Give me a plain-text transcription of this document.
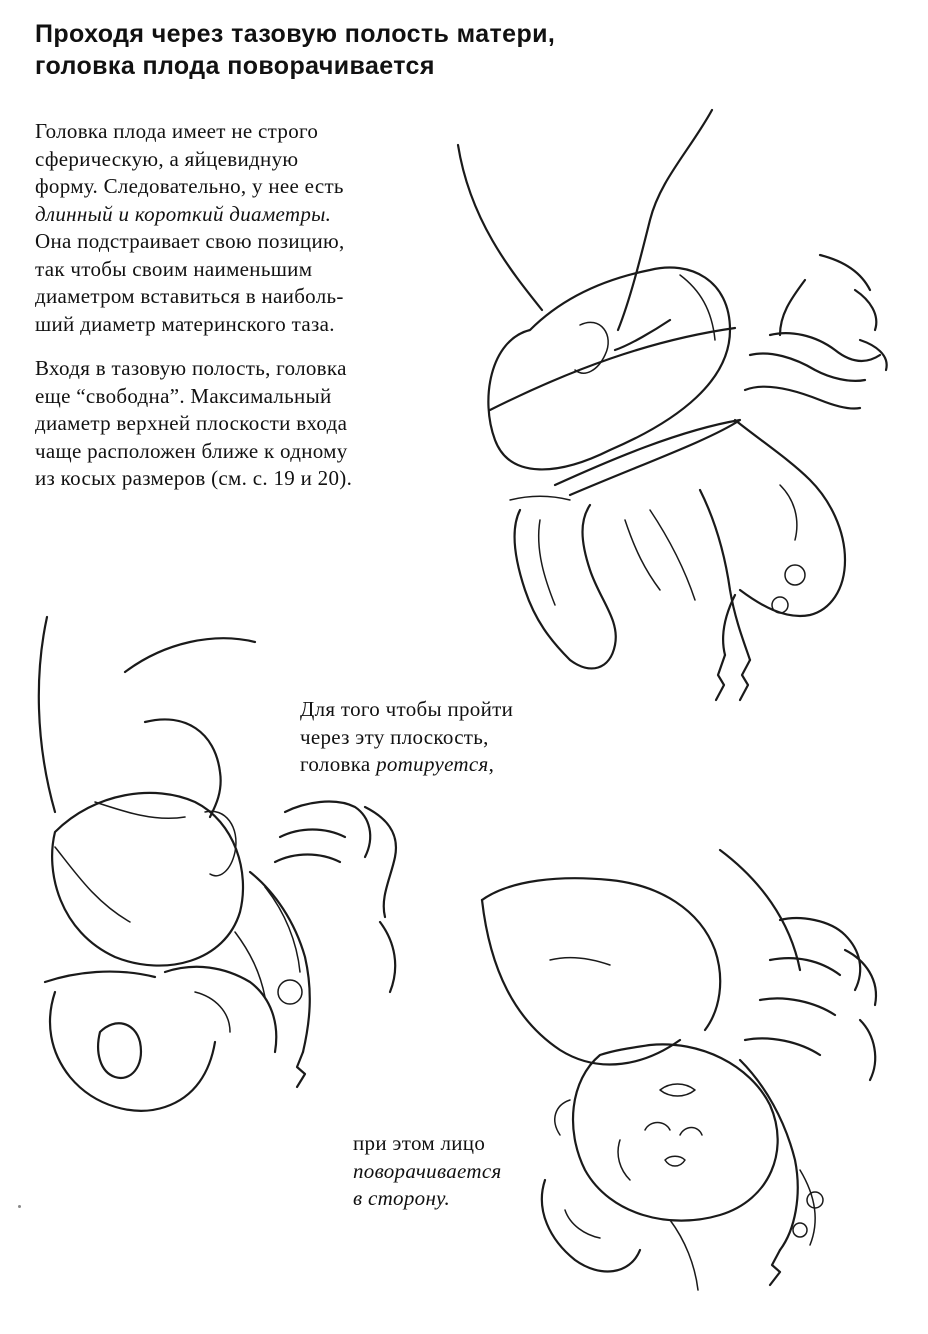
Проходя через тазовую полость матери,
головка плода поворачивается
Головка плода имеет не строго
сферическую, а яйцевидную
форму. Следовательно, у нее есть
длинный и короткий диаметры.
Она подстраивает свою позицию,
так чтобы своим наименьшим
диаметром вставиться в наиболь-
ший диаметр материнского таза.
Входя в тазовую полость, головка
еще “свободна”. Максимальный
диаметр верхней плоскости входа
чаще расположен ближе к одному
из косых размеров (см. с. 19 и 20).
Для того чтобы пройти
через эту плоскость,
головка ротируется,
при этом лицо
поворачивается
в сторону.
